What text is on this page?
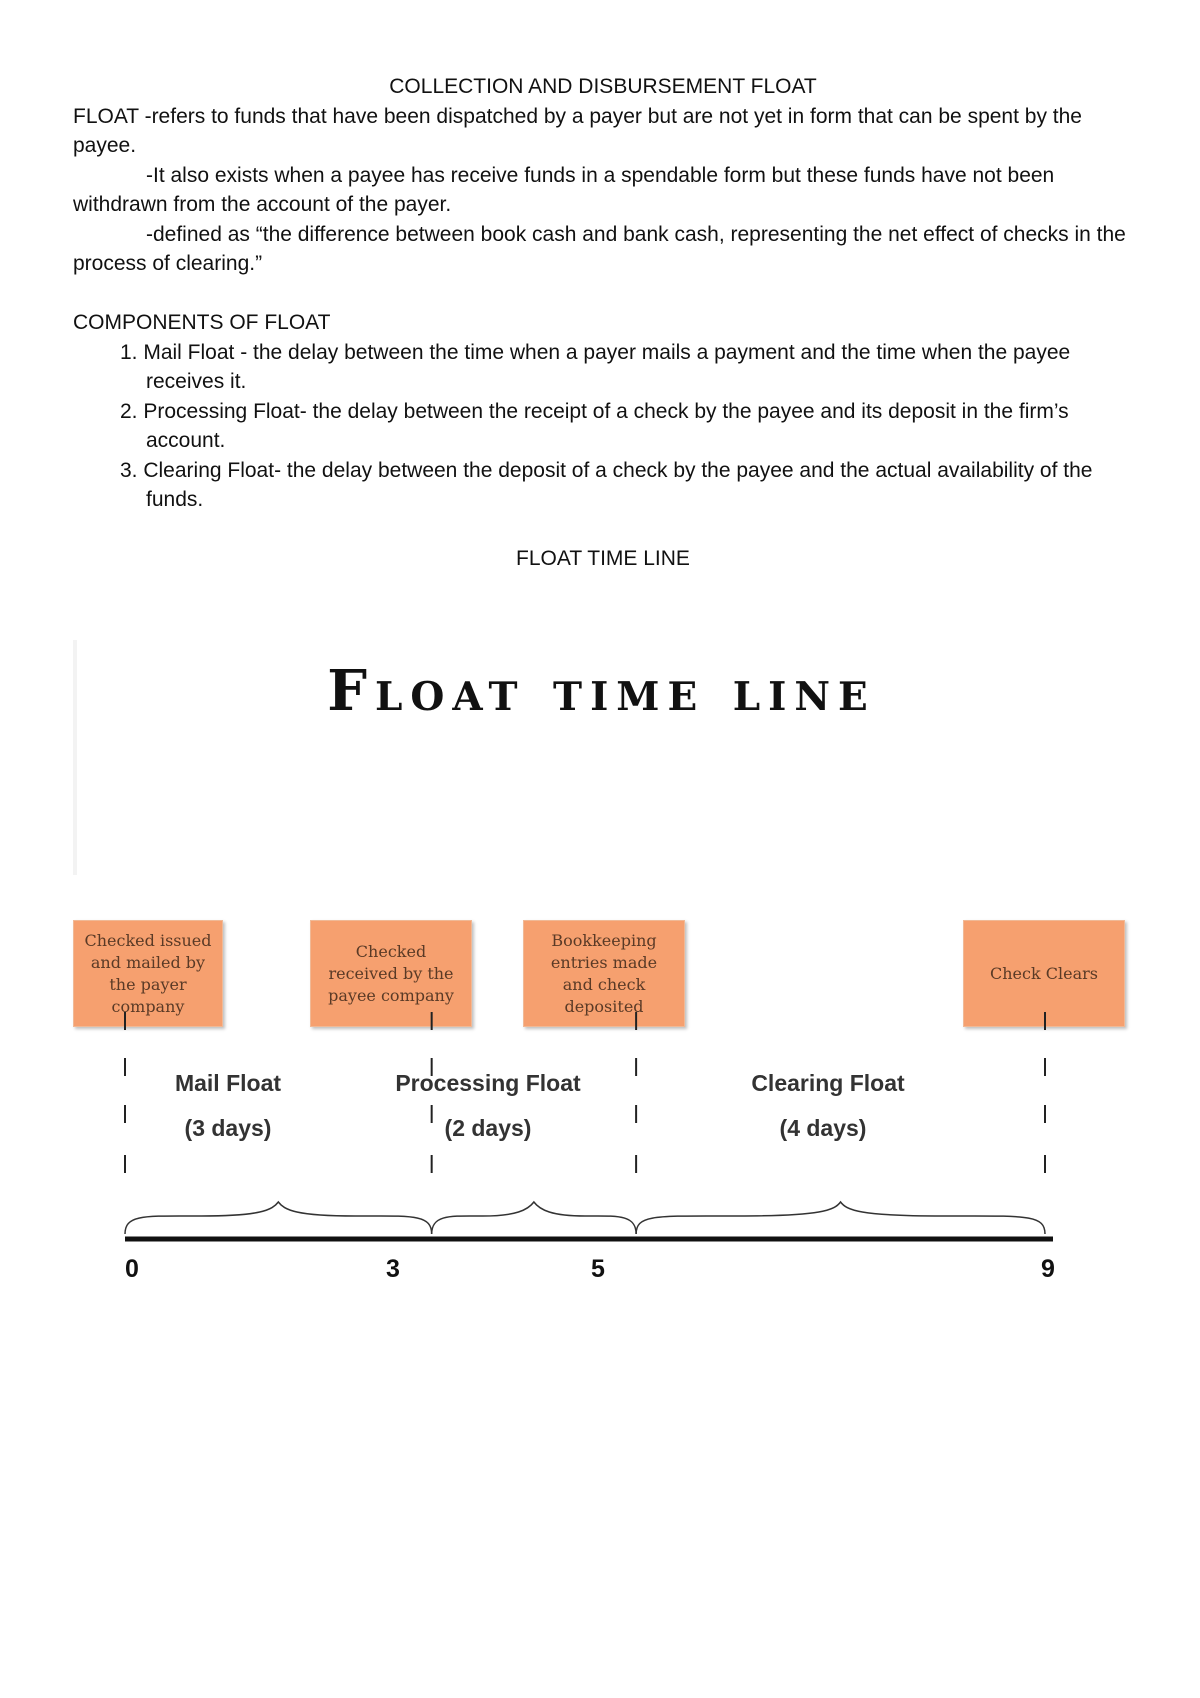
COLLECTION AND DISBURSEMENT FLOAT

FLOAT -refers to funds that have been dispatched by a payer but are not yet in form that can be spent by the payee.

-It also exists when a payee has receive funds in a spendable form but these funds have not been withdrawn from the account of the payer.

-defined as “the difference between book cash and bank cash, representing the net effect of checks in the process of clearing.”

COMPONENTS OF FLOAT

1. Mail Float - the delay between the time when a payer mails a payment and the time when the payee receives it.
2. Processing Float- the delay between the receipt of a check by the payee and its deposit in the firm’s account.
3. Clearing Float- the delay between the deposit of a check by the payee and the actual availability of the funds.

FLOAT TIME LINE

Float time line
Checked issued
and mailed by
the payer
company
Checked
received by the
payee company
Bookkeeping
entries made
and check
deposited
Check Clears
Mail Float
(3 days)
Processing Float
(2 days)
Clearing Float
(4 days)
0	3	5	9
